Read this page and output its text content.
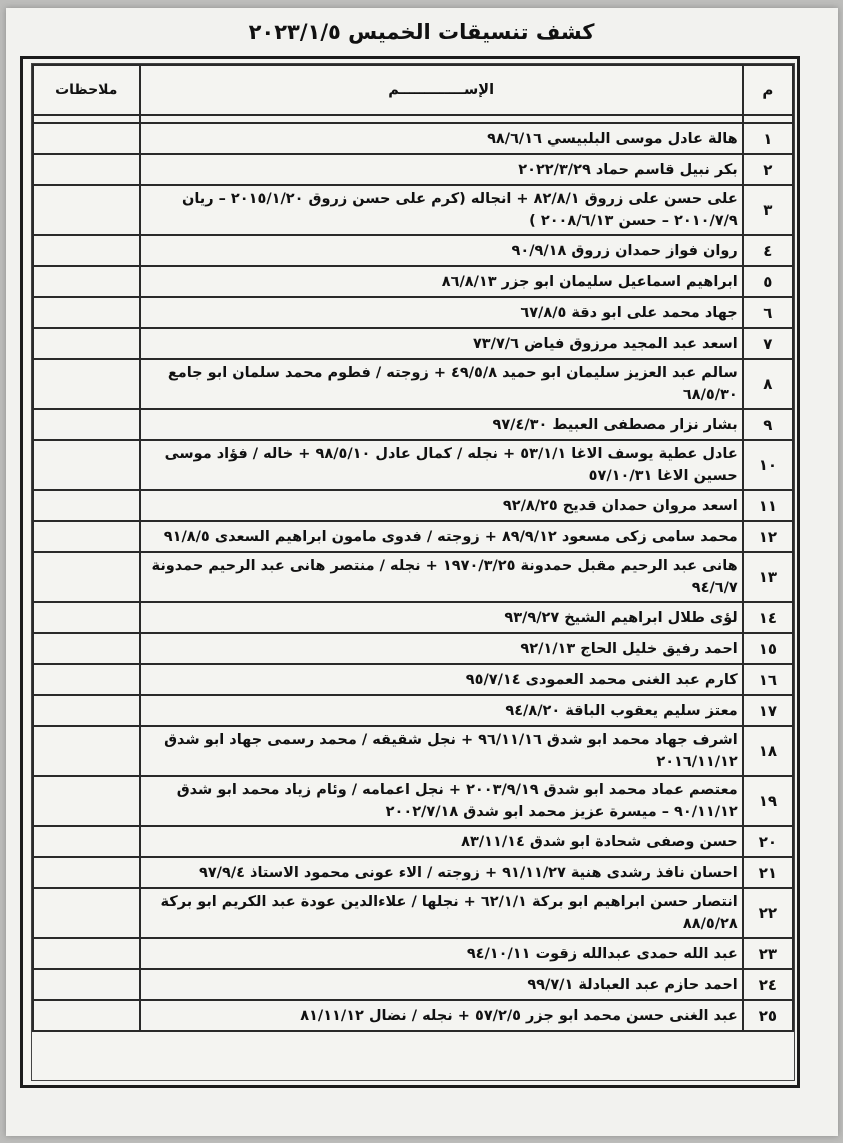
كشف تنسيقات الخميس ٢٠٢٣/١/٥
م	الإســـــــــــــم	ملاحظات

١	هالة عادل موسى البلبيسي ٩٨/٦/١٦	
٢	بكر نبيل قاسم حماد ٢٠٢٢/٣/٢٩	
٣	على حسن على زروق ٨٢/٨/١ + انجاله (كرم على حسن زروق ٢٠١٥/١/٢٠ – ريان ٢٠١٠/٧/٩ – حسن ٢٠٠٨/٦/١٣ )	
٤	روان فواز حمدان زروق ٩٠/٩/١٨	
٥	ابراهيم اسماعيل سليمان ابو جزر ٨٦/٨/١٣	
٦	جهاد محمد على ابو دقة ٦٧/٨/٥	
٧	اسعد عبد المجيد مرزوق فياض ٧٣/٧/٦	
٨	سالم عبد العزيز سليمان ابو حميد ٤٩/٥/٨ + زوجته / فطوم محمد سلمان ابو جامع ٦٨/٥/٣٠	
٩	بشار نزار مصطفى العبيط ٩٧/٤/٣٠	
١٠	عادل عطية يوسف الاغا ٥٣/١/١ + نجله / كمال عادل ٩٨/٥/١٠ + خاله / فؤاد موسى حسين الاغا ٥٧/١٠/٣١	
١١	اسعد مروان حمدان قديح ٩٢/٨/٢٥	
١٢	محمد سامى زكى مسعود ٨٩/٩/١٢ + زوجته / فدوى مامون ابراهيم السعدى ٩١/٨/٥	
١٣	هانى عبد الرحيم مقبل حمدونة ١٩٧٠/٣/٢٥ + نجله / منتصر هانى عبد الرحيم حمدونة ٩٤/٦/٧	
١٤	لؤى طلال ابراهيم الشيخ ٩٣/٩/٢٧	
١٥	احمد رفيق خليل الحاج ٩٢/١/١٣	
١٦	كارم عبد الغنى محمد العمودى ٩٥/٧/١٤	
١٧	معتز سليم يعقوب الباقة ٩٤/٨/٢٠	
١٨	اشرف جهاد محمد ابو شدق ٩٦/١١/١٦ + نجل شقيقه / محمد رسمى جهاد ابو شدق ٢٠١٦/١١/١٢	
١٩	معتصم عماد محمد ابو شدق ٢٠٠٣/٩/١٩ + نجل اعمامه / وئام زياد محمد ابو شدق ٩٠/١١/١٢ – ميسرة عزيز محمد ابو شدق ٢٠٠٢/٧/١٨	
٢٠	حسن وصفى شحادة ابو شدق ٨٣/١١/١٤	
٢١	احسان نافذ رشدى هنية ٩١/١١/٢٧ + زوجته / الاء عونى محمود الاستاذ ٩٧/٩/٤	
٢٢	انتصار حسن ابراهيم ابو بركة ٦٢/١/١ + نجلها / علاءالدين عودة عبد الكريم ابو بركة ٨٨/٥/٢٨	
٢٣	عبد الله حمدى عبدالله زقوت ٩٤/١٠/١١	
٢٤	احمد حازم عبد العبادلة ٩٩/٧/١	
٢٥	عبد الغنى حسن محمد ابو جزر ٥٧/٢/٥ + نجله / نضال ٨١/١١/١٢	
